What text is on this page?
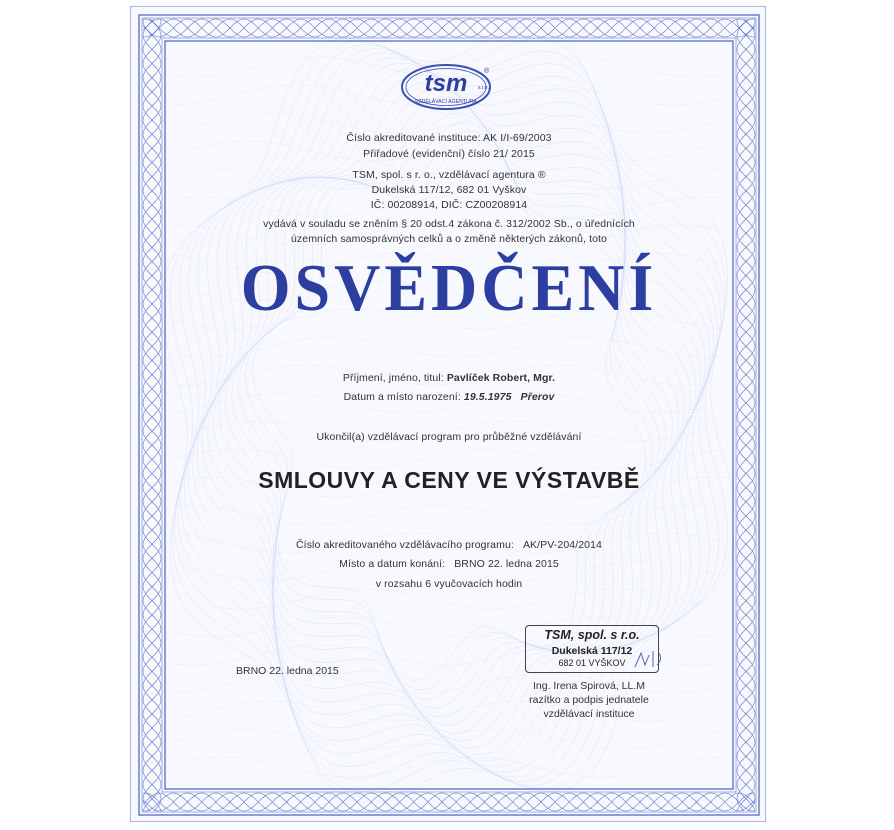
tsm
VZDĚLÁVACÍ AGENTURA
s.r.o.
®
Číslo akreditované instituce: AK I/I-69/2003
Přiřadové (evidenční) číslo 21/ 2015
TSM, spol. s r. o., vzdělávací agentura ®
Dukelská 117/12, 682 01 Vyškov
IČ: 00208914, DIČ: CZ00208914
vydává v souladu se zněním § 20 odst.4 zákona č. 312/2002 Sb., o úřednících
územních samosprávných celků a o změně některých zákonů, toto
OSVĚDČENÍ
Příjmení, jméno, titul: Pavlíček Robert, Mgr.
Datum a místo narození: 19.5.1975 Přerov
Ukončil(a) vzdělávací program pro průběžné vzdělávání
SMLOUVY A CENY VE VÝSTAVBĚ
Číslo akreditovaného vzdělávacího programu: AK/PV-204/2014
Místo a datum konání: BRNO 22. ledna 2015
v rozsahu 6 vyučovacích hodin
BRNO 22. ledna 2015
TSM, spol. s r.o.
Dukelská 117/12
682 01 VYŠKOV
Ing. Irena Spirová, LL.M
razítko a podpis jednatele
vzdělávací instituce
